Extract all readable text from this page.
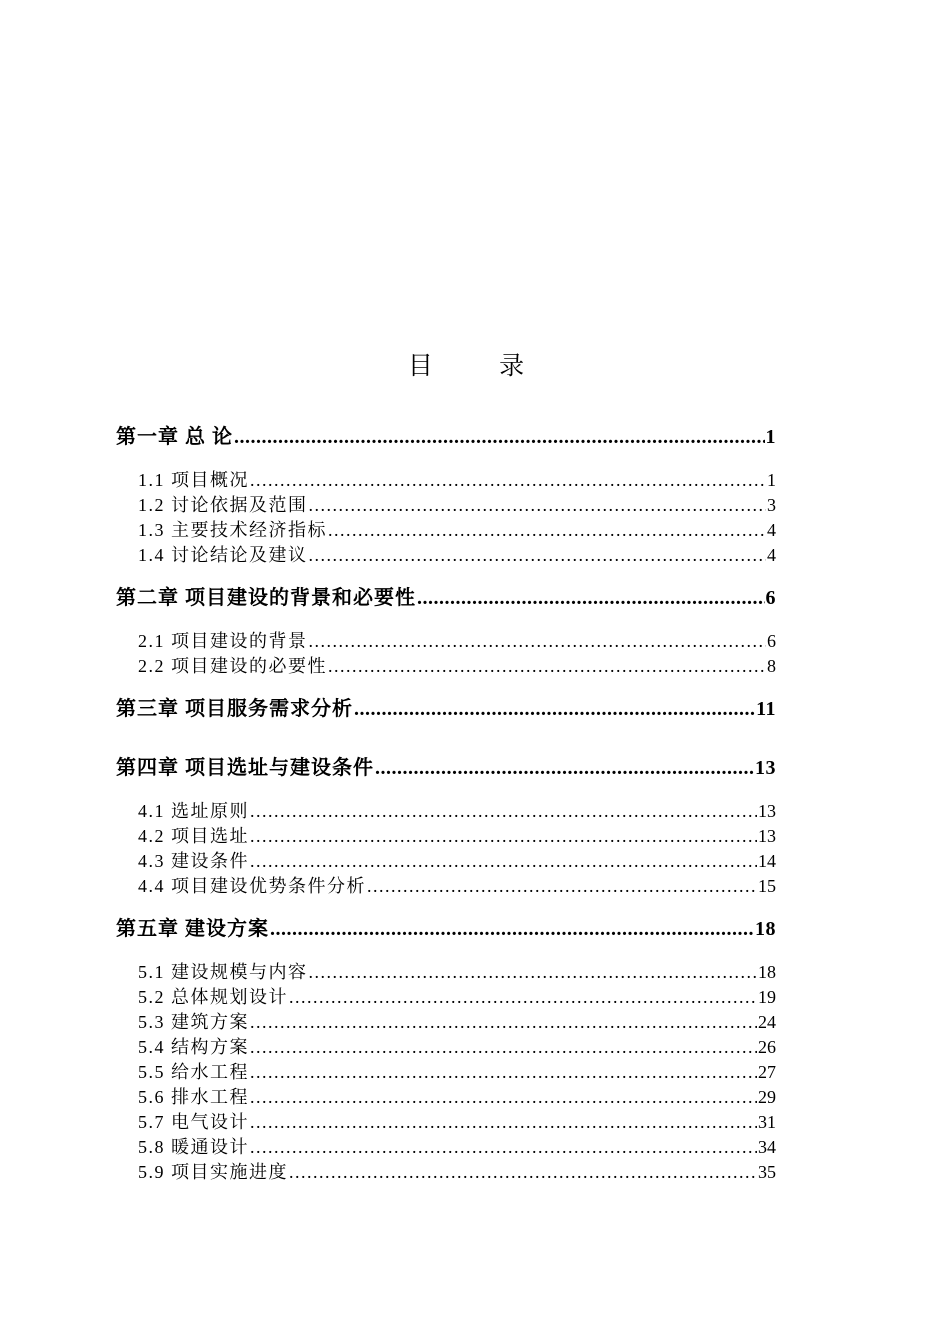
目 录
第一章 总 论 .....	1
1.1 项目概况 .....	1
1.2 讨论依据及范围 .....	3
1.3 主要技术经济指标 .....	4
1.4 讨论结论及建议 .....	4
第二章 项目建设的背景和必要性 .....	6
2.1 项目建设的背景 .....	6
2.2 项目建设的必要性 .....	8
第三章 项目服务需求分析 .....	11
第四章 项目选址与建设条件 .....	13
4.1 选址原则 .....	13
4.2 项目选址 .....	13
4.3 建设条件 .....	14
4.4 项目建设优势条件分析 .....	15
第五章 建设方案 .....	18
5.1 建设规模与内容 .....	18
5.2 总体规划设计 .....	19
5.3 建筑方案 .....	24
5.4 结构方案 .....	26
5.5 给水工程 .....	27
5.6 排水工程 .....	29
5.7 电气设计 .....	31
5.8 暖通设计 .....	34
5.9 项目实施进度 .....	35
